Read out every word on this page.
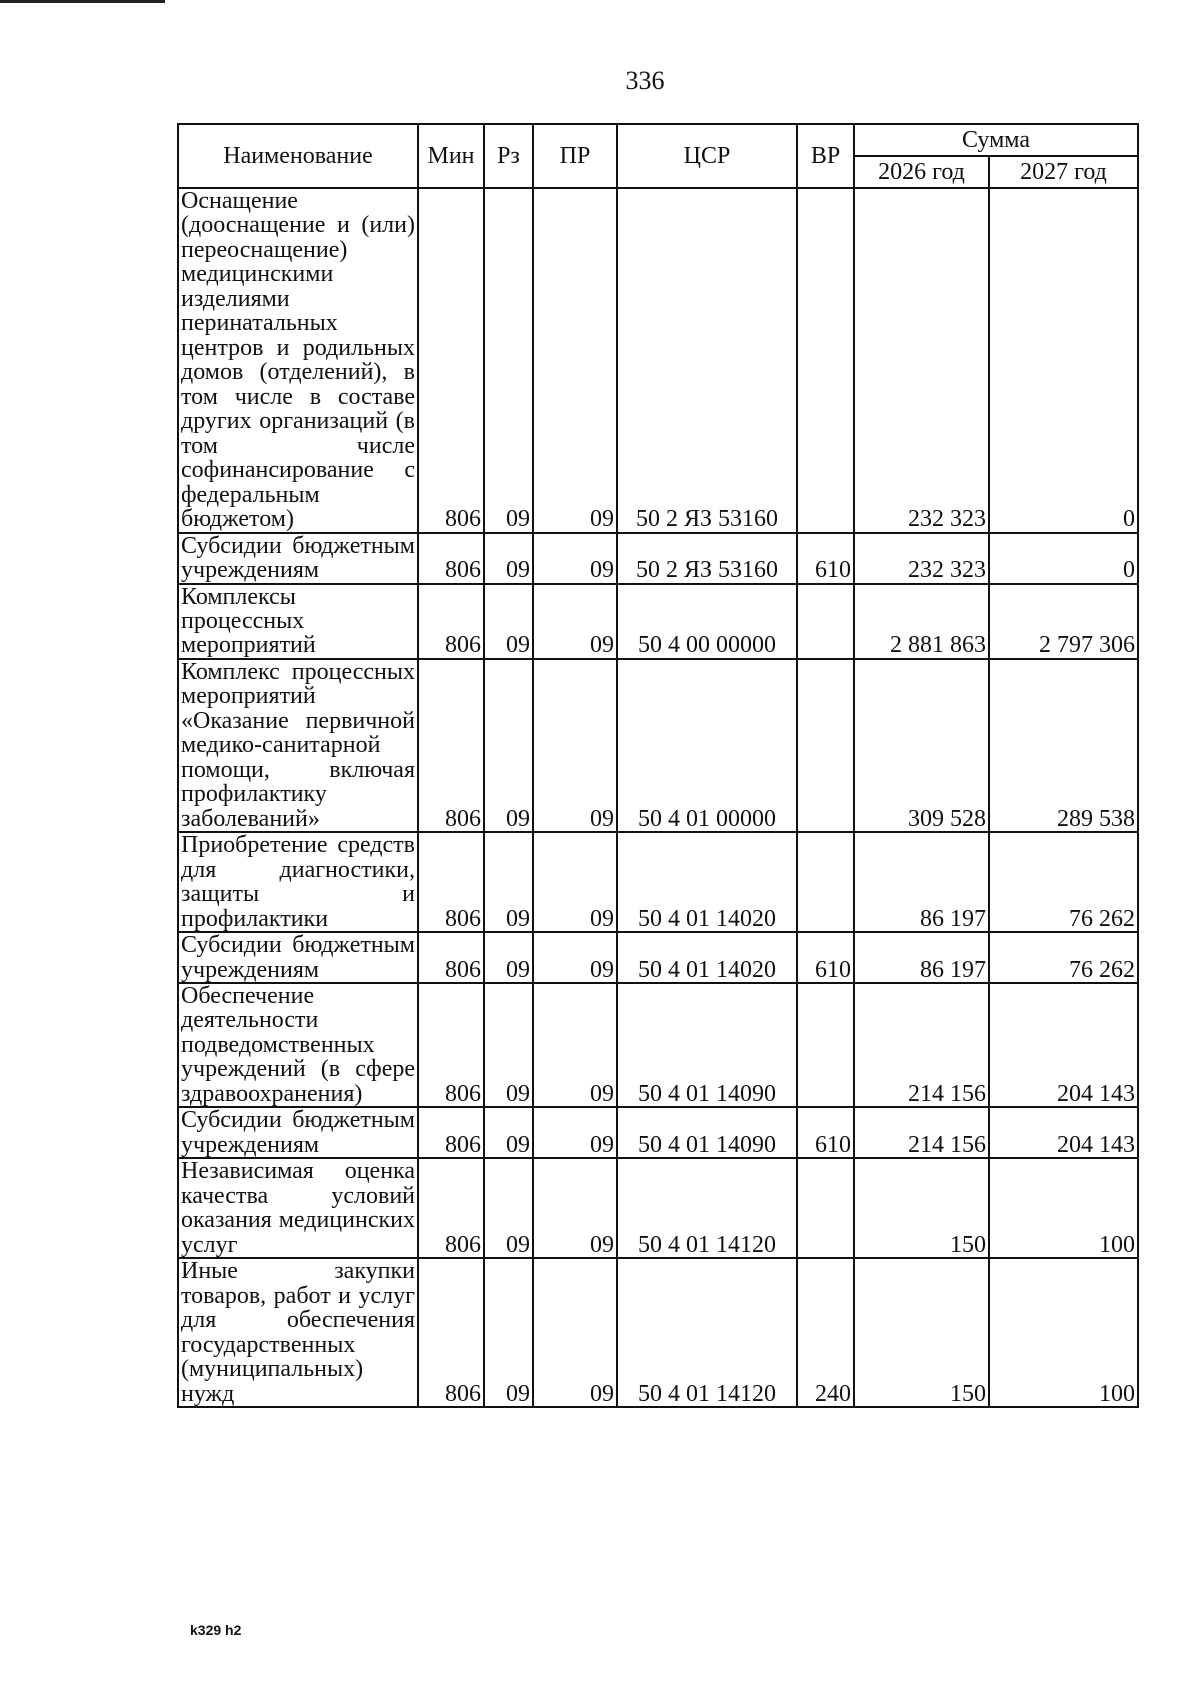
336
Наименование	Мин	Рз	ПР	ЦСР	ВР	Сумма	
						2026 год	2027 год
Оснащение (дооснащение и (или) переоснащение) медицинскими изделиями перинатальных центров и родильных домов (отделений), в том числе в составе других организаций (в том числе софинансирование с федеральным бюджетом)	806	09	09	50 2 ЯЗ 53160		232 323	0
Субсидии бюджетным учреждениям	806	09	09	50 2 ЯЗ 53160	610	232 323	0
Комплексы процессных мероприятий	806	09	09	50 4 00 00000		2 881 863	2 797 306
Комплекс процессных мероприятий «Оказание первичной медико-санитарной помощи, включая профилактику заболеваний»	806	09	09	50 4 01 00000		309 528	289 538
Приобретение средств для диагностики, защиты и профилактики	806	09	09	50 4 01 14020		86 197	76 262
Субсидии бюджетным учреждениям	806	09	09	50 4 01 14020	610	86 197	76 262
Обеспечение деятельности подведомственных учреждений (в сфере здравоохранения)	806	09	09	50 4 01 14090		214 156	204 143
Субсидии бюджетным учреждениям	806	09	09	50 4 01 14090	610	214 156	204 143
Независимая оценка качества условий оказания медицинских услуг	806	09	09	50 4 01 14120		150	100
Иные закупки товаров, работ и услуг для обеспечения государственных (муниципальных) нужд	806	09	09	50 4 01 14120	240	150	100
k329 h2
